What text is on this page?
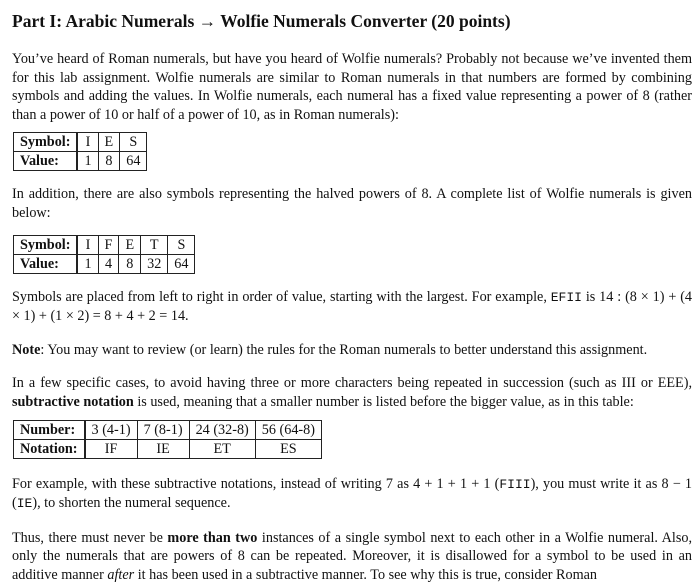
Part I: Arabic Numerals → Wolfie Numerals Converter (20 points)

You’ve heard of Roman numerals, but have you heard of Wolfie numerals? Probably not because we’ve invented them for this lab assignment. Wolfie numerals are similar to Roman numerals in that numbers are formed by combining symbols and adding the values. In Wolfie numerals, each numeral has a fixed value representing a power of 8 (rather than a power of 10 or half of a power of 10, as in Roman numerals):

Symbol:	I	E	S
Value:	1	8	64

In addition, there are also symbols representing the halved powers of 8. A complete list of Wolfie numerals is given below:

Symbol:	I	F	E	T	S
Value:	1	4	8	32	64

Symbols are placed from left to right in order of value, starting with the largest. For example, EFII is 14 : (8 × 1) + (4 × 1) + (1 × 2) = 8 + 4 + 2 = 14.

Note: You may want to review (or learn) the rules for the Roman numerals to better understand this assignment.

In a few specific cases, to avoid having three or more characters being repeated in succession (such as III or EEE), subtractive notation is used, meaning that a smaller number is listed before the bigger value, as in this table:

Number:	3 (4-1)	7 (8-1)	24 (32-8)	56 (64-8)
Notation:	IF	IE	ET	ES

For example, with these subtractive notations, instead of writing 7 as 4 + 1 + 1 + 1 (FIII), you must write it as 8 − 1 (IE), to shorten the numeral sequence.

Thus, there must never be more than two instances of a single symbol next to each other in a Wolfie numeral. Also, only the numerals that are powers of 8 can be repeated. Moreover, it is disallowed for a symbol to be used in an additive manner after it has been used in a subtractive manner. To see why this is true, consider Roman
